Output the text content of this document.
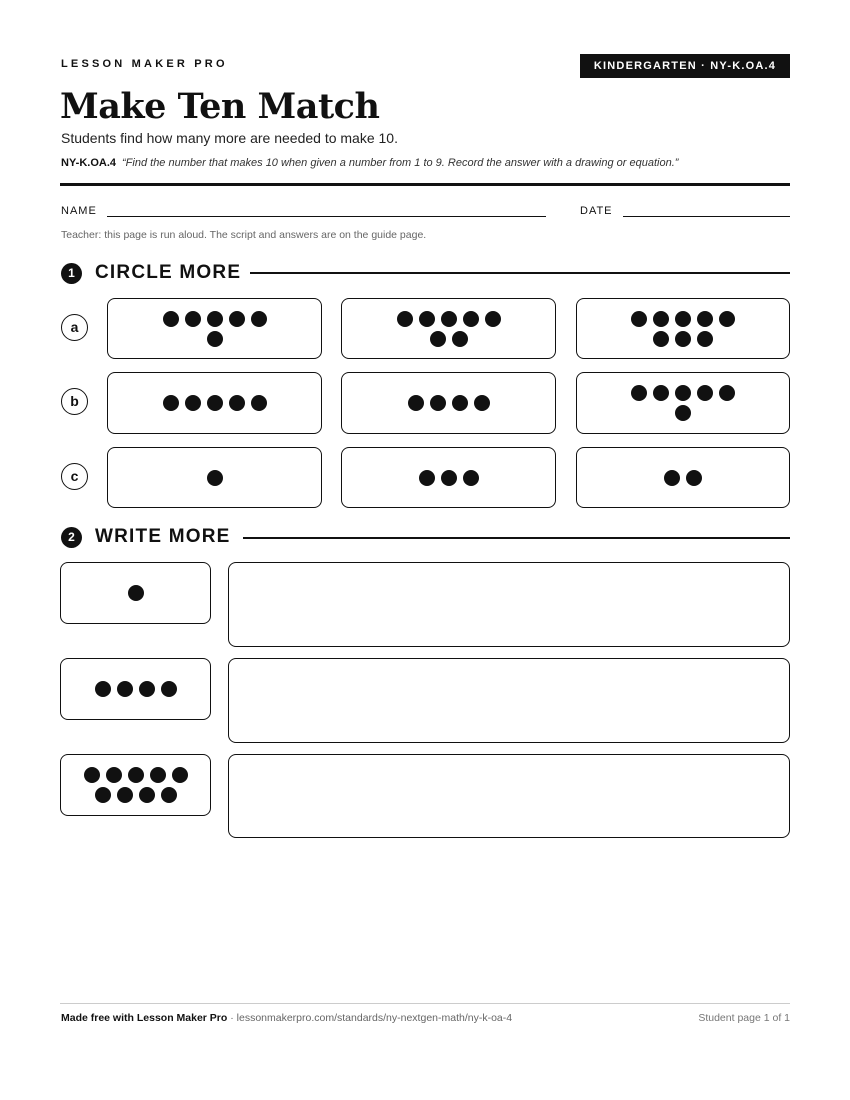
LESSON MAKER PRO	KINDERGARTEN · NY-K.OA.4
Make Ten Match
Students find how many more are needed to make 10.
NY-K.OA.4 “Find the number that makes 10 when given a number from 1 to 9. Record the answer with a drawing or equation.”
NAME	DATE
Teacher: this page is run aloud. The script and answers are on the guide page.
1	CIRCLE MORE
a
b
c
2	WRITE MORE
Made free with Lesson Maker Pro · lessonmakerpro.com/standards/ny-nextgen-math/ny-k-oa-4	Student page 1 of 1
